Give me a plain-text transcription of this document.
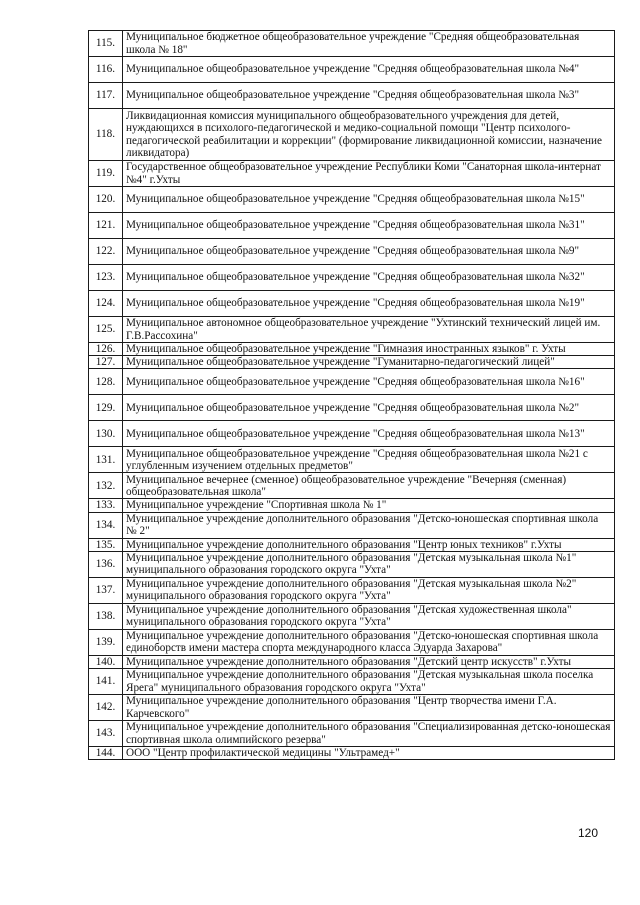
115.	Муниципальное бюджетное общеобразовательное учреждение "Средняя общеобразовательная школа № 18"
116.	Муниципальное общеобразовательное учреждение "Средняя общеобразовательная школа №4"
117.	Муниципальное общеобразовательное учреждение "Средняя общеобразовательная школа №3"
118.	Ликвидационная комиссия муниципального общеобразовательного учреждения для детей, нуждающихся в психолого-педагогической и медико-социальной помощи "Центр психолого-педагогической реабилитации и коррекции" (формирование ликвидационной комиссии, назначение ликвидатора)
119.	Государственное общеобразовательное учреждение Республики Коми "Санаторная школа-интернат №4" г.Ухты
120.	Муниципальное общеобразовательное учреждение "Средняя общеобразовательная школа №15"
121.	Муниципальное общеобразовательное учреждение "Средняя общеобразовательная школа №31"
122.	Муниципальное общеобразовательное учреждение "Средняя общеобразовательная школа №9"
123.	Муниципальное общеобразовательное учреждение "Средняя общеобразовательная школа №32"
124.	Муниципальное общеобразовательное учреждение "Средняя общеобразовательная школа №19"
125.	Муниципальное автономное общеобразовательное учреждение "Ухтинский технический лицей им. Г.В.Рассохина"
126.	Муниципальное общеобразовательное учреждение "Гимназия иностранных языков" г. Ухты
127.	Муниципальное общеобразовательное учреждение "Гуманитарно-педагогический лицей"
128.	Муниципальное общеобразовательное учреждение "Средняя общеобразовательная школа №16"
129.	Муниципальное общеобразовательное учреждение "Средняя общеобразовательная школа №2"
130.	Муниципальное общеобразовательное учреждение "Средняя общеобразовательная школа №13"
131.	Муниципальное общеобразовательное учреждение "Средняя общеобразовательная школа №21 с углубленным изучением отдельных предметов"
132.	Муниципальное вечернее (сменное) общеобразовательное учреждение "Вечерняя (сменная) общеобразовательная школа"
133.	Муниципальное учреждение "Спортивная школа № 1"
134.	Муниципальное учреждение дополнительного образования "Детско-юношеская спортивная школа № 2"
135.	Муниципальное учреждение дополнительного образования "Центр юных техников" г.Ухты
136.	Муниципальное учреждение дополнительного образования "Детская музыкальная школа №1" муниципального образования городского округа "Ухта"
137.	Муниципальное учреждение дополнительного образования "Детская музыкальная школа №2" муниципального образования городского округа "Ухта"
138.	Муниципальное учреждение дополнительного образования "Детская художественная школа" муниципального образования городского округа "Ухта"
139.	Муниципальное учреждение дополнительного образования "Детско-юношеская спортивная школа единоборств имени мастера спорта международного класса Эдуарда Захарова"
140.	Муниципальное учреждение дополнительного образования "Детский центр искусств" г.Ухты
141.	Муниципальное учреждение дополнительного образования "Детская музыкальная школа поселка Ярега" муниципального образования городского округа "Ухта"
142.	Муниципальное учреждение дополнительного образования "Центр творчества имени Г.А. Карчевского"
143.	Муниципальное учреждение дополнительного образования "Специализированная детско-юношеская спортивная школа олимпийского резерва"
144.	ООО "Центр профилактической медицины "Ультрамед+"
120
